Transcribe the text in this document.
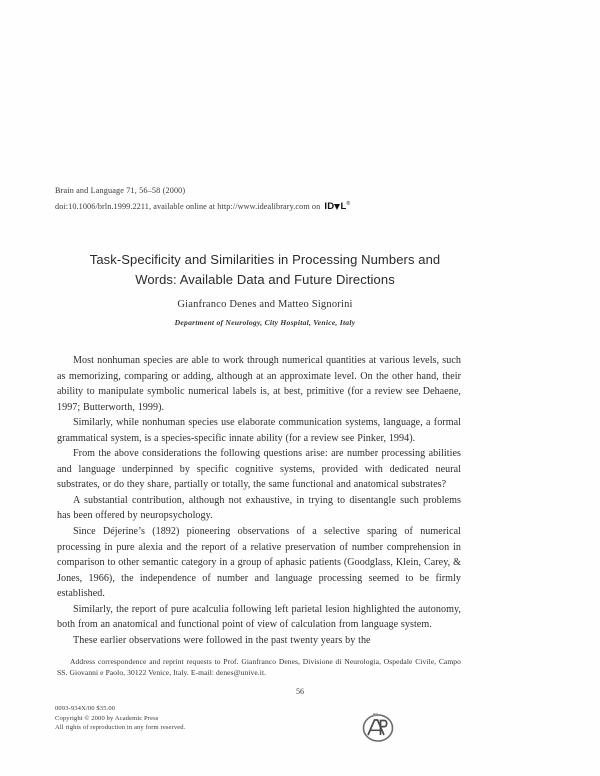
Brain and Language 71, 56–58 (2000)
doi:10.1006/brln.1999.2211, available online at http://www.idealibrary.com on ID L®
Task-Specificity and Similarities in Processing Numbers and
Words: Available Data and Future Directions
Gianfranco Denes and Matteo Signorini
Department of Neurology, City Hospital, Venice, Italy

Most nonhuman species are able to work through numerical quantities at various levels, such as memorizing, comparing or adding, although at an approximate level. On the other hand, their ability to manipulate symbolic numerical labels is, at best, primitive (for a review see Dehaene, 1997; Butterworth, 1999).

Similarly, while nonhuman species use elaborate communication systems, language, a formal grammatical system, is a species-specific innate ability (for a review see Pinker, 1994).

From the above considerations the following questions arise: are number processing abilities and language underpinned by specific cognitive systems, provided with dedicated neural substrates, or do they share, partially or totally, the same functional and anatomical substrates?

A substantial contribution, although not exhaustive, in trying to disentangle such problems has been offered by neuropsychology.

Since Déjerine’s (1892) pioneering observations of a selective sparing of numerical processing in pure alexia and the report of a relative preservation of number comprehension in comparison to other semantic category in a group of aphasic patients (Goodglass, Klein, Carey, & Jones, 1966), the independence of number and language processing seemed to be firmly established.

Similarly, the report of pure acalculia following left parietal lesion highlighted the autonomy, both from an anatomical and functional point of view of calculation from language system.

These earlier observations were followed in the past twenty years by the

Address correspondence and reprint requests to Prof. Gianfranco Denes, Divisione di Neurologia, Ospedale Civile, Campo SS. Giovanni e Paolo, 30122 Venice, Italy. E-mail: denes@unive.it.

56
0093-934X/00 $35.00
Copyright © 2000 by Academic Press
All rights of reproduction in any form reserved.
